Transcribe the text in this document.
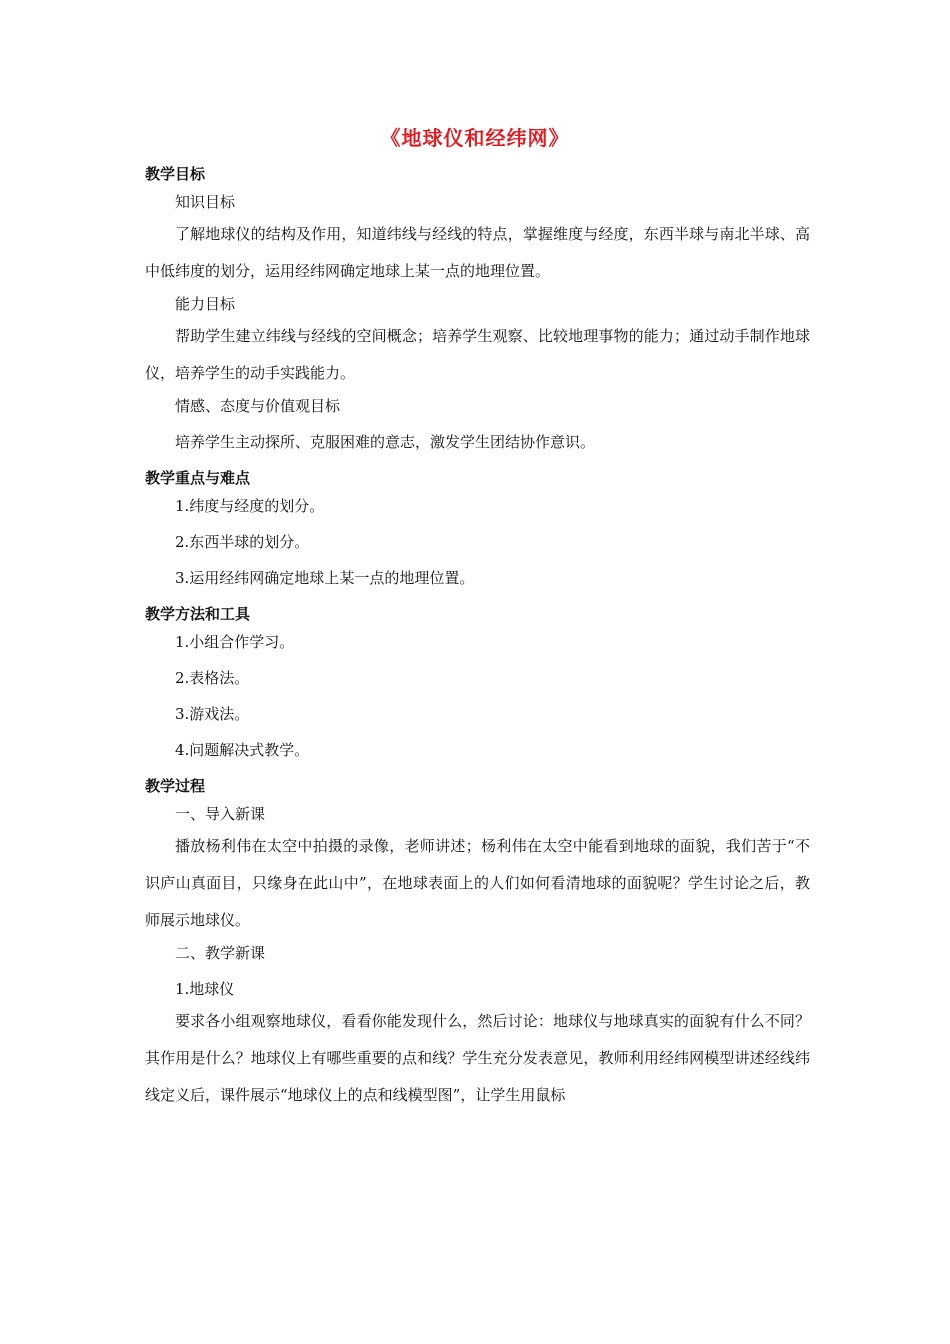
《地球仪和经纬网》
教学目标
知识目标

了解地球仪的结构及作用，知道纬线与经线的特点，掌握维度与经度，东西半球与南北半球、高中低纬度的划分，运用经纬网确定地球上某一点的地理位置。

能力目标

帮助学生建立纬线与经线的空间概念；培养学生观察、比较地理事物的能力；通过动手制作地球仪，培养学生的动手实践能力。

情感、态度与价值观目标
培养学生主动探所、克服困难的意志，激发学生团结协作意识。
教学重点与难点
1.纬度与经度的划分。
2.东西半球的划分。
3.运用经纬网确定地球上某一点的地理位置。
教学方法和工具
1.小组合作学习。
2.表格法。
3.游戏法。
4.问题解决式教学。
教学过程
一、导入新课

播放杨利伟在太空中拍摄的录像，老师讲述；杨利伟在太空中能看到地球的面貌，我们苦于“不识庐山真面目，只缘身在此山中”，在地球表面上的人们如何看清地球的面貌呢？学生讨论之后，教师展示地球仪。

二、教学新课
1.地球仪

要求各小组观察地球仪，看看你能发现什么，然后讨论：地球仪与地球真实的面貌有什么不同？其作用是什么？地球仪上有哪些重要的点和线？学生充分发表意见，教师利用经纬网模型讲述经线纬线定义后，课件展示“地球仪上的点和线模型图”，让学生用鼠标
